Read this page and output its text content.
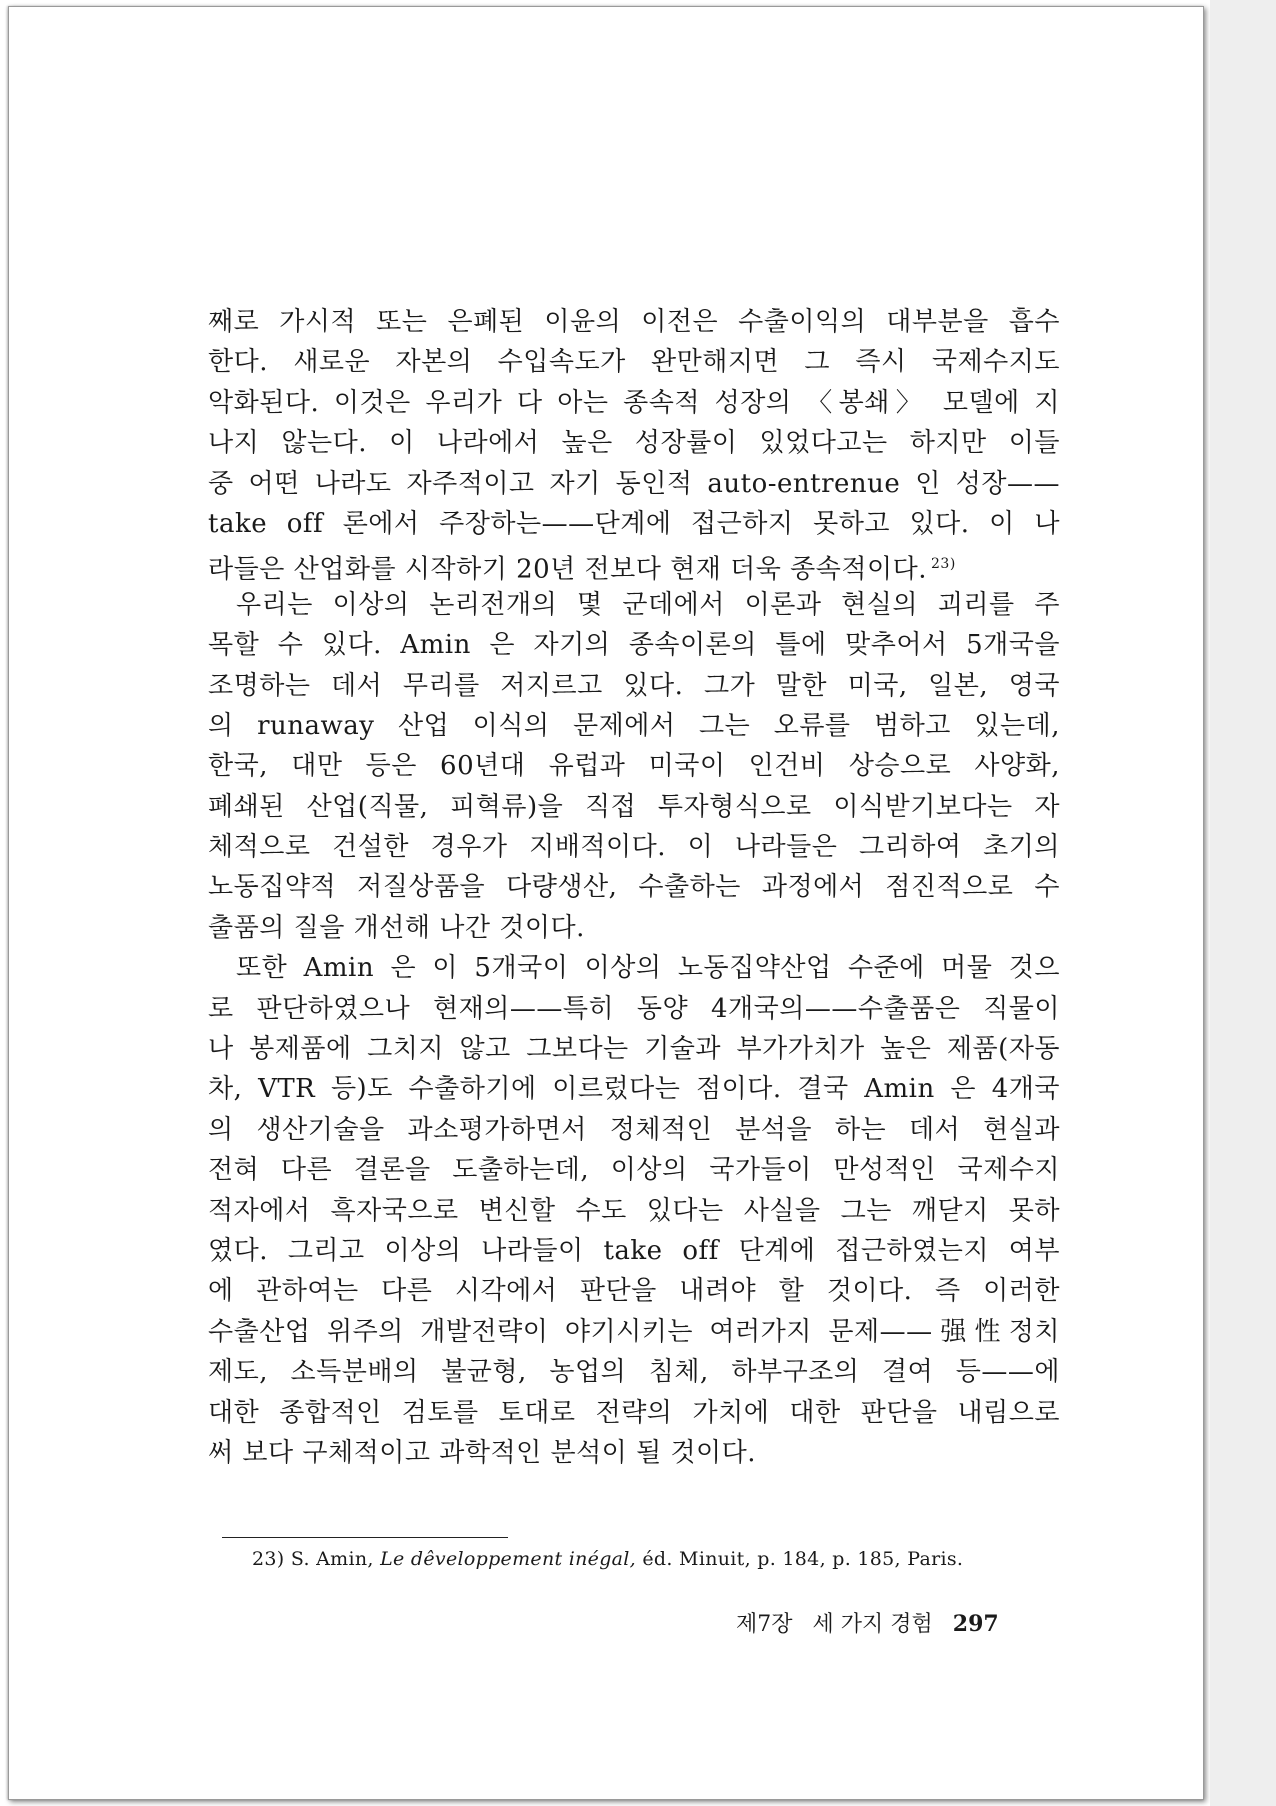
째로 가시적 또는 은폐된 이윤의 이전은 수출이익의 대부분을 흡수
한다. 새로운 자본의 수입속도가 완만해지면 그 즉시 국제수지도
악화된다. 이것은 우리가 다 아는 종속적 성장의 〈봉쇄〉 모델에 지
나지 않는다. 이 나라에서 높은 성장률이 있었다고는 하지만 이들
중 어떤 나라도 자주적이고 자기 동인적 auto-entrenue 인 성장——
take off 론에서 주장하는——단계에 접근하지 못하고 있다. 이 나
라들은 산업화를 시작하기 20년 전보다 현재 더욱 종속적이다. $^{23)}$
우리는 이상의 논리전개의 몇 군데에서 이론과 현실의 괴리를 주
목할 수 있다. Amin 은 자기의 종속이론의 틀에 맞추어서 5개국을
조명하는 데서 무리를 저지르고 있다. 그가 말한 미국, 일본, 영국
의 runaway 산업 이식의 문제에서 그는 오류를 범하고 있는데,
한국, 대만 등은 60년대 유럽과 미국이 인건비 상승으로 사양화,
폐쇄된 산업(직물, 피혁류)을 직접 투자형식으로 이식받기보다는 자
체적으로 건설한 경우가 지배적이다. 이 나라들은 그리하여 초기의
노동집약적 저질상품을 다량생산, 수출하는 과정에서 점진적으로 수
출품의 질을 개선해 나간 것이다.
또한 Amin 은 이 5개국이 이상의 노동집약산업 수준에 머물 것으
로 판단하였으나 현재의——특히 동양 4개국의——수출품은 직물이
나 봉제품에 그치지 않고 그보다는 기술과 부가가치가 높은 제품(자동
차, VTR 등)도 수출하기에 이르렀다는 점이다. 결국 Amin 은 4개국
의 생산기술을 과소평가하면서 정체적인 분석을 하는 데서 현실과
전혀 다른 결론을 도출하는데, 이상의 국가들이 만성적인 국제수지
적자에서 흑자국으로 변신할 수도 있다는 사실을 그는 깨닫지 못하
였다. 그리고 이상의 나라들이 take off 단계에 접근하였는지 여부
에 관하여는 다른 시각에서 판단을 내려야 할 것이다. 즉 이러한
수출산업 위주의 개발전략이 야기시키는 여러가지 문제——强性정치
제도, 소득분배의 불균형, 농업의 침체, 하부구조의 결여 등——에
대한 종합적인 검토를 토대로 전략의 가치에 대한 판단을 내림으로
써 보다 구체적이고 과학적인 분석이 될 것이다.
23) S. Amin, Le dêveloppement inégal, éd. Minuit, p. 184, p. 185, Paris.
제7장 세 가지 경험 297
